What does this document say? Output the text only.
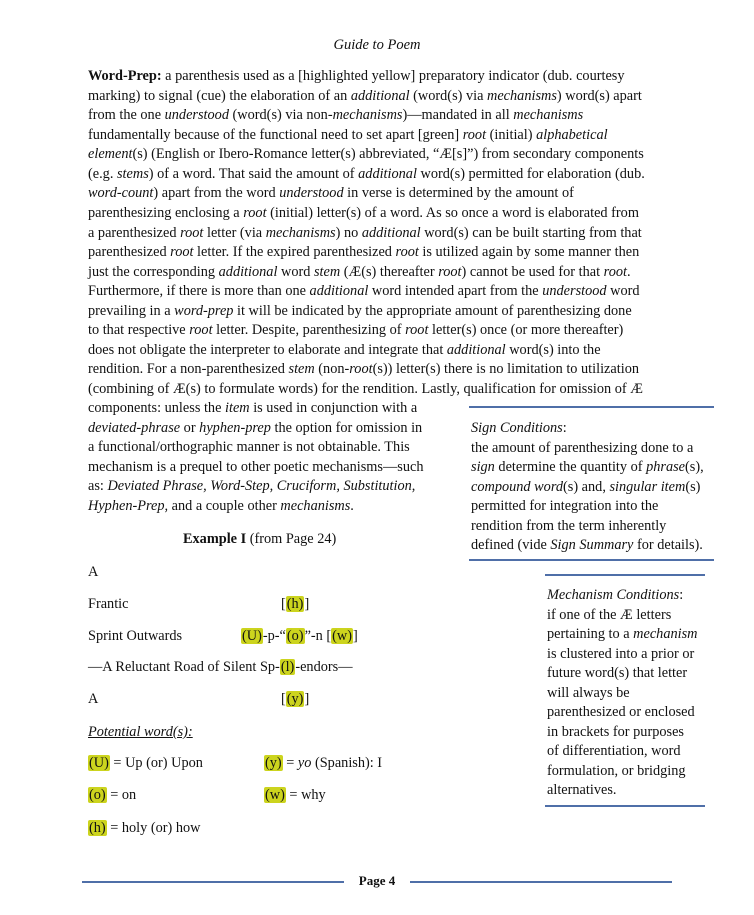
Guide to Poem
Word-Prep: a parenthesis used as a [highlighted yellow] preparatory indicator (dub. courtesy
marking) to signal (cue) the elaboration of an additional (word(s) via mechanisms) word(s) apart
from the one understood (word(s) via non-mechanisms)—mandated in all mechanisms
fundamentally because of the functional need to set apart [green] root (initial) alphabetical
element(s) (English or Ibero-Romance letter(s) abbreviated, “Æ[s]”) from secondary components
(e.g. stems) of a word. That said the amount of additional word(s) permitted for elaboration (dub.
word-count) apart from the word understood in verse is determined by the amount of
parenthesizing enclosing a root (initial) letter(s) of a word. As so once a word is elaborated from
a parenthesized root letter (via mechanisms) no additional word(s) can be built starting from that
parenthesized root letter. If the expired parenthesized root is utilized again by some manner then
just the corresponding additional word stem (Æ(s) thereafter root) cannot be used for that root.
Furthermore, if there is more than one additional word intended apart from the understood word
prevailing in a word-prep it will be indicated by the appropriate amount of parenthesizing done
to that respective root letter. Despite, parenthesizing of root letter(s) once (or more thereafter)
does not obligate the interpreter to elaborate and integrate that additional word(s) into the
rendition. For a non-parenthesized stem (non-root(s)) letter(s) there is no limitation to utilization
(combining of Æ(s) to formulate words) for the rendition. Lastly, qualification for omission of Æ
components: unless the item is used in conjunction with a
deviated-phrase or hyphen-prep the option for omission in
a functional/orthographic manner is not obtainable. This
mechanism is a prequel to other poetic mechanisms—such
as: Deviated Phrase, Word-Step, Cruciform, Substitution,
Hyphen-Prep, and a couple other mechanisms.
Sign Conditions:
the amount of parenthesizing done to a
sign determine the quantity of phrase(s),
compound word(s) and, singular item(s)
permitted for integration into the
rendition from the term inherently
defined (vide Sign Summary for details).
Mechanism Conditions:
if one of the Æ letters
pertaining to a mechanism
is clustered into a prior or
future word(s) that letter
will always be
parenthesized or enclosed
in brackets for purposes
of differentiation, word
formulation, or bridging
alternatives.
Example I (from Page 24)
A
Frantic
Sprint Outwards
—A Reluctant Road of Silent Sp-(l)-endors—
A
[(h)]
(U)-p-“(o)”-n [(w)]
[(y)]
Potential word(s):
(U) = Up (or) Upon
(o) = on
(h) = holy (or) how
(y) = yo (Spanish): I
(w) = why
Page 4
